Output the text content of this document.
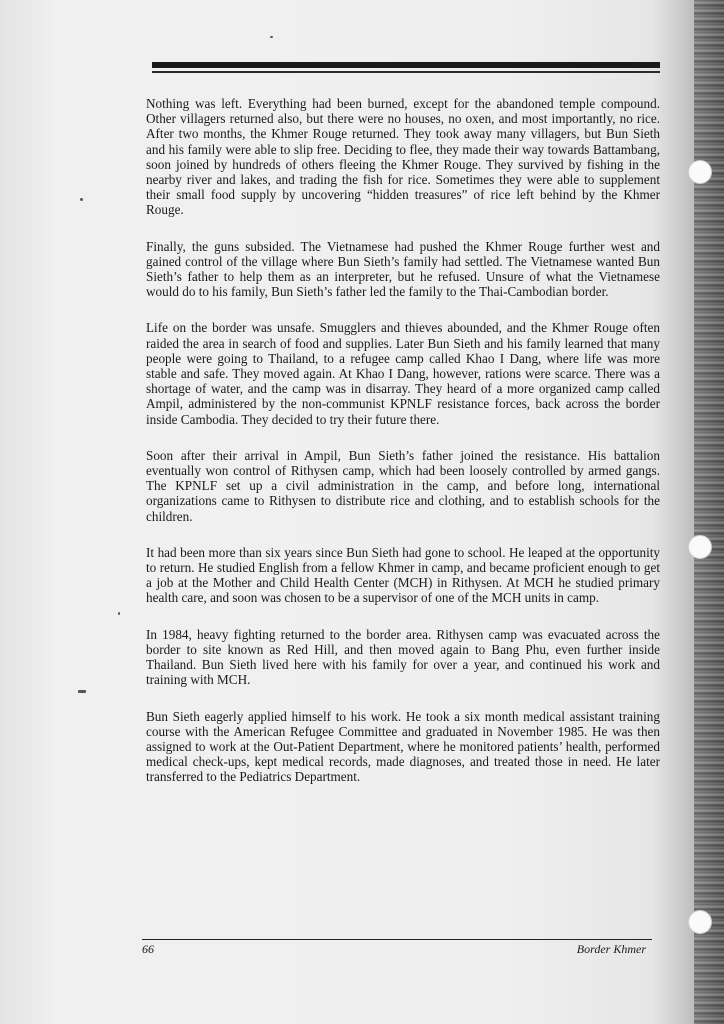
Nothing was left. Everything had been burned, except for the abandoned temple compound. Other villagers returned also, but there were no houses, no oxen, and most importantly, no rice. After two months, the Khmer Rouge returned. They took away many villagers, but Bun Sieth and his family were able to slip free. Deciding to flee, they made their way towards Battambang, soon joined by hundreds of others fleeing the Khmer Rouge. They survived by fishing in the nearby river and lakes, and trading the fish for rice. Sometimes they were able to supplement their small food supply by uncovering “hidden treasures” of rice left behind by the Khmer Rouge.

Finally, the guns subsided. The Vietnamese had pushed the Khmer Rouge further west and gained control of the village where Bun Sieth’s family had settled. The Vietnamese wanted Bun Sieth’s father to help them as an interpreter, but he refused. Unsure of what the Vietnamese would do to his family, Bun Sieth’s father led the family to the Thai-Cambodian border.

Life on the border was unsafe. Smugglers and thieves abounded, and the Khmer Rouge often raided the area in search of food and supplies. Later Bun Sieth and his family learned that many people were going to Thailand, to a refugee camp called Khao I Dang, where life was more stable and safe. They moved again. At Khao I Dang, however, rations were scarce. There was a shortage of water, and the camp was in disarray. They heard of a more organized camp called Ampil, administered by the non-communist KPNLF resistance forces, back across the border inside Cambodia. They decided to try their future there.

Soon after their arrival in Ampil, Bun Sieth’s father joined the resistance. His battalion eventually won control of Rithysen camp, which had been loosely controlled by armed gangs. The KPNLF set up a civil administration in the camp, and before long, international organizations came to Rithysen to distribute rice and clothing, and to establish schools for the children.

It had been more than six years since Bun Sieth had gone to school. He leaped at the opportunity to return. He studied English from a fellow Khmer in camp, and became proficient enough to get a job at the Mother and Child Health Center (MCH) in Rithysen. At MCH he studied primary health care, and soon was chosen to be a supervisor of one of the MCH units in camp.

In 1984, heavy fighting returned to the border area. Rithysen camp was evacuated across the border to site known as Red Hill, and then moved again to Bang Phu, even further inside Thailand. Bun Sieth lived here with his family for over a year, and continued his work and training with MCH.

Bun Sieth eagerly applied himself to his work. He took a six month medical assistant training course with the American Refugee Committee and graduated in November 1985. He was then assigned to work at the Out-Patient Department, where he monitored patients’ health, performed medical check-ups, kept medical records, made diagnoses, and treated those in need. He later transferred to the Pediatrics Department.

66	Border Khmer
